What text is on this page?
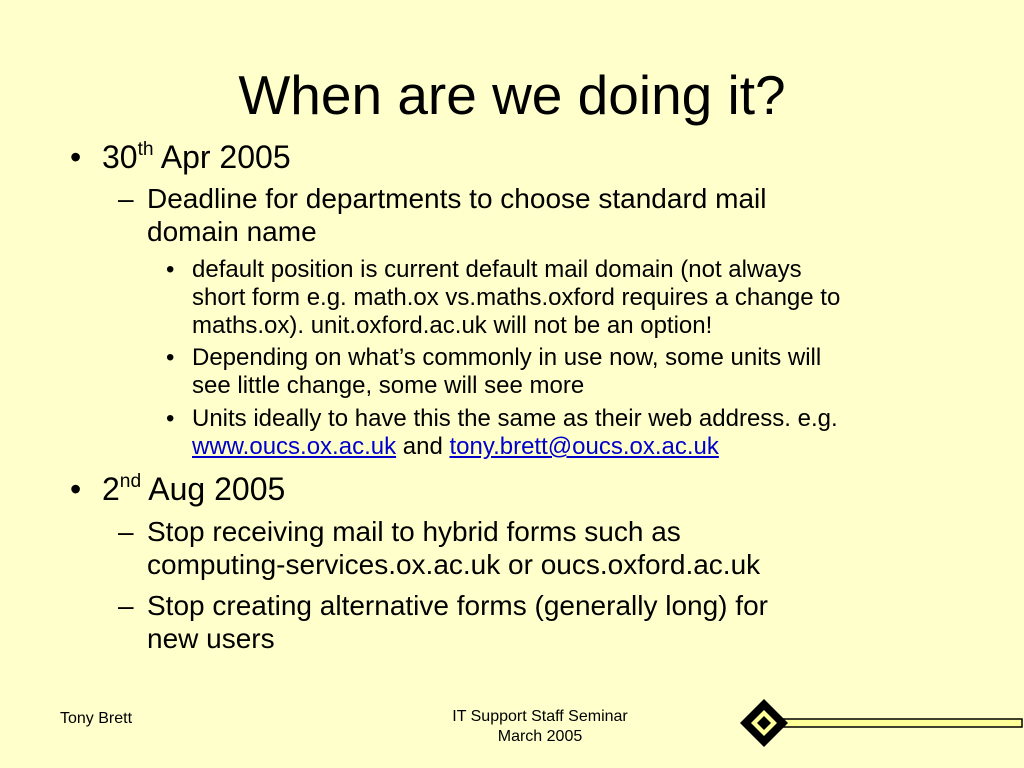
When are we doing it?
• 30th Apr 2005
– Deadline for departments to choose standard mail
domain name
• default position is current default mail domain (not always
short form e.g. math.ox vs.maths.oxford requires a change to
maths.ox). unit.oxford.ac.uk will not be an option!
• Depending on what’s commonly in use now, some units will
see little change, some will see more
• Units ideally to have this the same as their web address. e.g.
www.oucs.ox.ac.uk and tony.brett@oucs.ox.ac.uk
• 2nd Aug 2005
– Stop receiving mail to hybrid forms such as
computing-services.ox.ac.uk or oucs.oxford.ac.uk
– Stop creating alternative forms (generally long) for
new users
Tony Brett	IT Support Staff Seminar
March 2005
